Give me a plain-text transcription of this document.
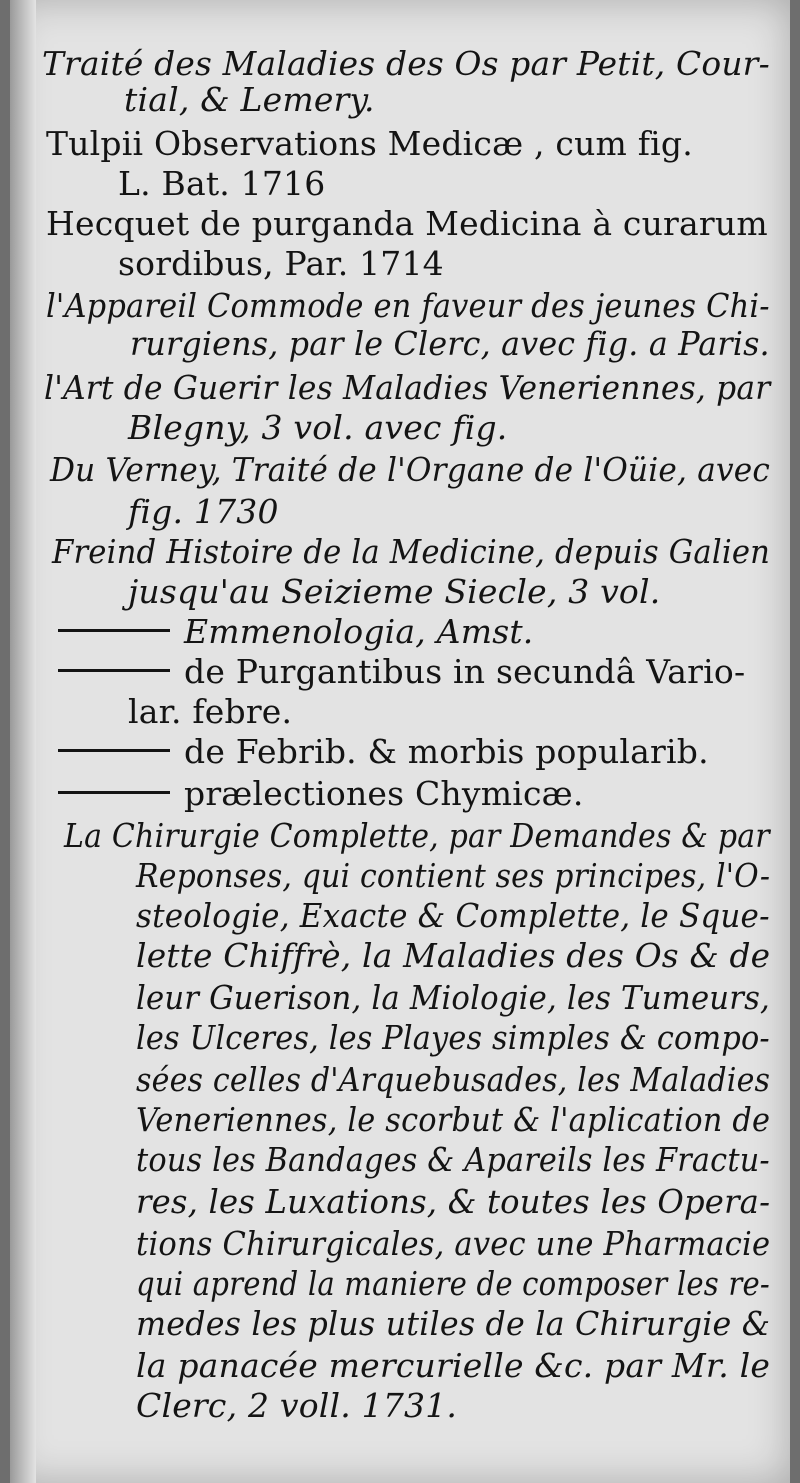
Traité des Maladies des Os par Petit, Cour-
tial, & Lemery.
Tulpii Observations Medicæ , cum fig.
L. Bat. 1716
Hecquet de purganda Medicina à curarum
sordibus, Par. 1714
l'Appareil Commode en faveur des jeunes Chi-
rurgiens, par le Clerc, avec fig. a Paris.
l'Art de Guerir les Maladies Veneriennes, par
Blegny, 3 vol. avec fig.
Du Verney, Traité de l'Organe de l'Oüie, avec
fig. 1730
Freind Histoire de la Medicine, depuis Galien
jusqu'au Seizieme Siecle, 3 vol.
Emmenologia, Amst.
de Purgantibus in secundâ Vario-
lar. febre.
de Febrib. & morbis popularib.
prælectiones Chymicæ.
La Chirurgie Complette, par Demandes & par
Reponses, qui contient ses principes, l'O-
steologie, Exacte & Complette, le Sque-
lette Chiffrè, la Maladies des Os & de
leur Guerison, la Miologie, les Tumeurs,
les Ulceres, les Playes simples & compo-
sées celles d'Arquebusades, les Maladies
Veneriennes, le scorbut & l'aplication de
tous les Bandages & Apareils les Fractu-
res, les Luxations, & toutes les Opera-
tions Chirurgicales, avec une Pharmacie
qui aprend la maniere de composer les re-
medes les plus utiles de la Chirurgie &
la panacée mercurielle &c. par Mr. le
Clerc, 2 voll. 1731.
